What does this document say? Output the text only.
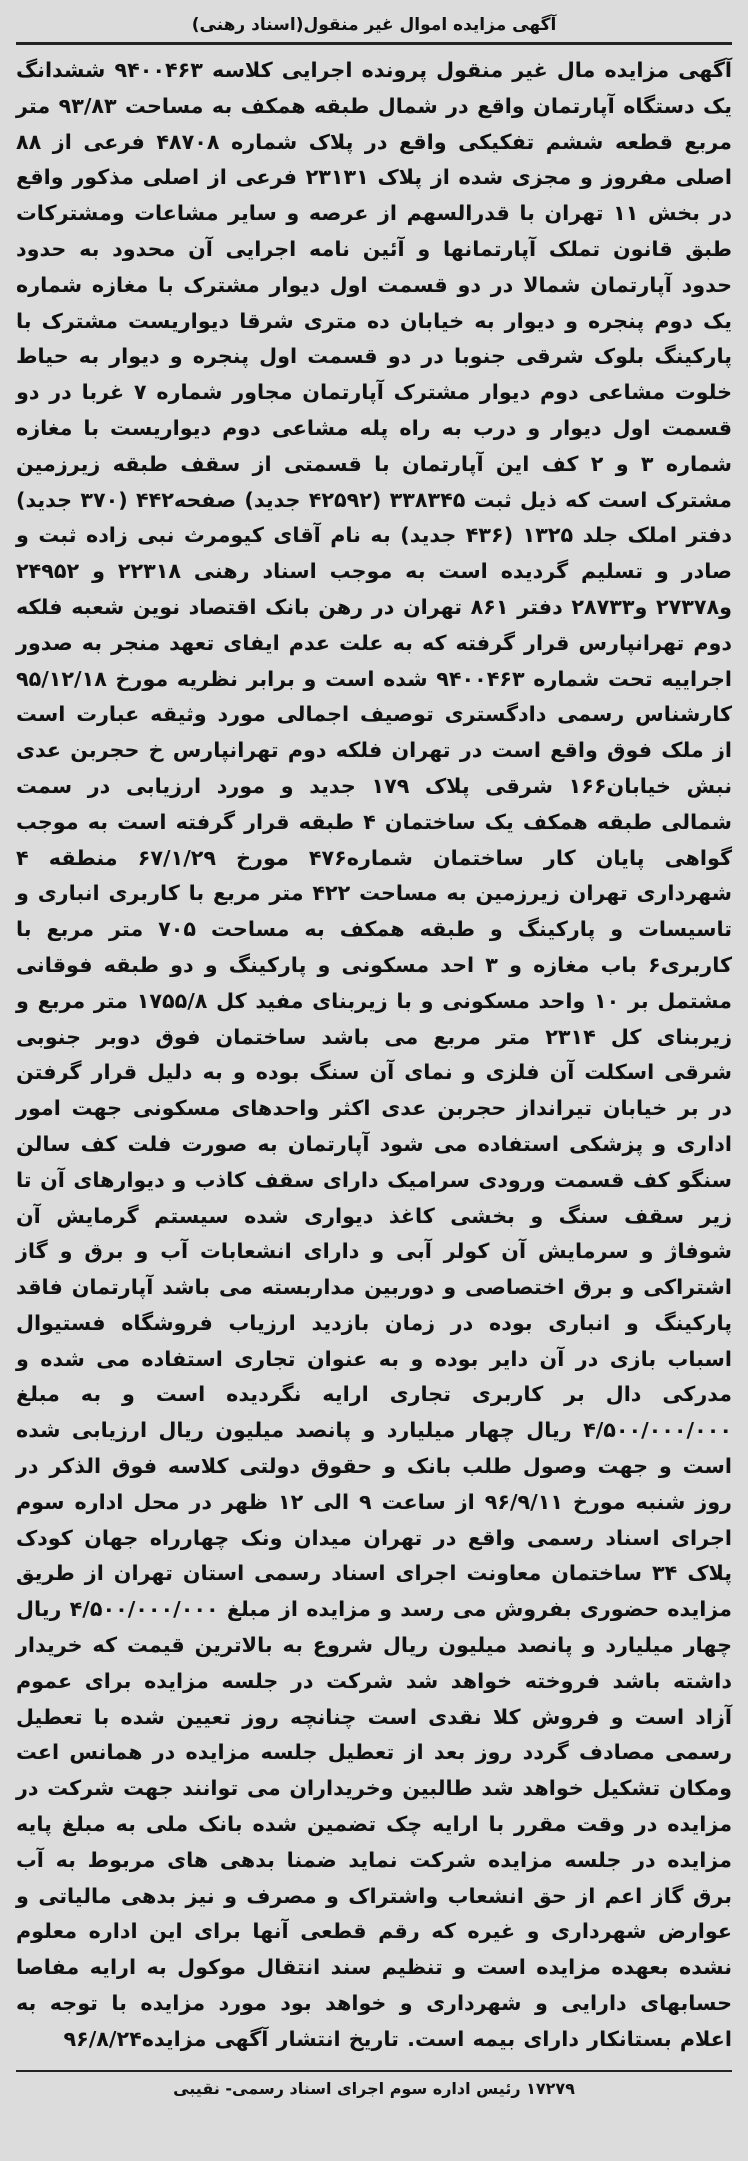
آگهی مزایده اموال غیر منقول(اسناد رهنی)
آگهی مزایده مال غیر منقول پرونده اجرایی کلاسه ۹۴۰۰۴۶۳ ششدانگ یک دستگاه آپارتمان واقع در شمال طبقه همکف به مساحت ۹۳/۸۳ متر مربع قطعه ششم تفکیکی واقع در پلاک شماره ۴۸۷۰۸ فرعی از ۸۸ اصلی مفروز و مجزی شده از پلاک ۲۳۱۳۱ فرعی از اصلی مذکور واقع در بخش ۱۱ تهران با قدرالسهم از عرصه و سایر مشاعات ومشترکات طبق قانون تملک آپارتمانها و آئین نامه اجرایی آن محدود به حدود حدود آپارتمان شمالا در دو قسمت اول دیوار مشترک با مغازه شماره یک دوم پنجره و دیوار به خیابان ده متری شرقا دیواریست مشترک با پارکینگ بلوک شرقی جنوبا در دو قسمت اول پنجره و دیوار به حیاط خلوت مشاعی دوم دیوار مشترک آپارتمان مجاور شماره ۷ غربا در دو قسمت اول دیوار و درب به راه پله مشاعی دوم دیواریست با مغازه شماره ۳ و ۲ کف این آپارتمان با قسمتی از سقف طبقه زیرزمین مشترک است که ذیل ثبت ۳۳۸۳۴۵ (۴۲۵۹۲ جدید) صفحه۴۴۲ (۳۷۰ جدید) دفتر املک جلد ۱۳۲۵ (۴۳۶ جدید) به نام آقای کیومرث نبی زاده ثبت و صادر و تسلیم گردیده است به موجب اسناد رهنی ۲۲۳۱۸ و ۲۴۹۵۲ و۲۷۳۷۸ و۲۸۷۳۳ دفتر ۸۶۱ تهران در رهن بانک اقتصاد نوین شعبه فلکه دوم تهرانپارس قرار گرفته که به علت عدم ایفای تعهد منجر به صدور اجراییه تحت شماره ۹۴۰۰۴۶۳ شده است و برابر نظریه مورخ ۹۵/۱۲/۱۸ کارشناس رسمی دادگستری توصیف اجمالی مورد وثیقه عبارت است از ملک فوق واقع است در تهران فلکه دوم تهرانپارس خ حجربن عدی نبش خیابان۱۶۶ شرقی پلاک ۱۷۹ جدید و مورد ارزیابی در سمت شمالی طبقه همکف یک ساختمان ۴ طبقه قرار گرفته است به موجب گواهی پایان کار ساختمان شماره۴۷۶ مورخ ۶۷/۱/۲۹ منطقه ۴ شهرداری تهران زیرزمین به مساحت ۴۲۲ متر مربع با کاربری انباری و تاسیسات و پارکینگ و طبقه همکف به مساحت ۷۰۵ متر مربع با کاربری۶ باب مغازه و ۳ احد مسکونی و پارکینگ و دو طبقه فوقانی مشتمل بر ۱۰ واحد مسکونی و با زیربنای مفید کل ۱۷۵۵/۸ متر مربع و زیربنای کل ۲۳۱۴ متر مربع می باشد ساختمان فوق دوبر جنوبی شرقی اسکلت آن فلزی و نمای آن سنگ بوده و به دلیل قرار گرفتن در بر خیابان تیرانداز حجربن عدی اکثر واحدهای مسکونی جهت امور اداری و پزشکی استفاده می شود آپارتمان به صورت فلت کف سالن سنگو کف قسمت ورودی سرامیک دارای سقف کاذب و دیوارهای آن تا زیر سقف سنگ و بخشی کاغذ دیواری شده سیستم گرمایش آن شوفاژ و سرمایش آن کولر آبی و دارای انشعابات آب و برق و گاز اشتراکی و برق اختصاصی و دوربین مداربسته می باشد آپارتمان فاقد پارکینگ و انباری بوده در زمان بازدید ارزیاب فروشگاه فستیوال اسباب بازی در آن دایر بوده و به عنوان تجاری استفاده می شده و مدرکی دال بر کاربری تجاری ارایه نگردیده است و به مبلغ ۴/۵۰۰/۰۰۰/۰۰۰ ریال چهار میلیارد و پانصد میلیون ریال ارزیابی شده است و جهت وصول طلب بانک و حقوق دولتی کلاسه فوق الذکر در روز شنبه مورخ ۹۶/۹/۱۱ از ساعت ۹ الی ۱۲ ظهر در محل اداره سوم اجرای اسناد رسمی واقع در تهران میدان ونک چهارراه جهان کودک پلاک ۳۴ ساختمان معاونت اجرای اسناد رسمی استان تهران از طریق مزایده حضوری بفروش می رسد و مزایده از مبلغ ۴/۵۰۰/۰۰۰/۰۰۰ ریال چهار میلیارد و پانصد میلیون ریال شروع به بالاترین قیمت که خریدار داشته باشد فروخته خواهد شد شرکت در جلسه مزایده برای عموم آزاد است و فروش کلا نقدی است چنانچه روز تعیین شده با تعطیل رسمی مصادف گردد روز بعد از تعطیل جلسه مزایده در همانس اعت ومکان تشکیل خواهد شد طالبین وخریداران می توانند جهت شرکت در مزایده در وقت مقرر با ارایه چک تضمین شده بانک ملی به مبلغ پایه مزایده در جلسه مزایده شرکت نماید ضمنا بدهی های مربوط به آب برق گاز اعم از حق انشعاب واشتراک و مصرف و نیز بدهی مالیاتی و عوارض شهرداری و غیره که رقم قطعی آنها برای این اداره معلوم نشده بعهده مزایده است و تنظیم سند انتقال موکول به ارایه مفاصا حسابهای دارایی و شهرداری و خواهد بود مورد مزایده با توجه به اعلام بستانکار دارای بیمه است. تاریخ انتشار آگهی مزایده۹۶/۸/۲۴
۱۷۲۷۹ رئیس اداره سوم اجرای اسناد رسمی- نقیبی
